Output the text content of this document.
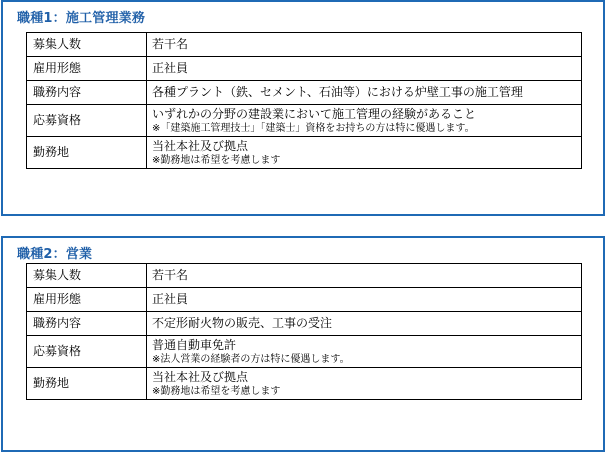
職種1：施工管理業務
募集人数	若干名

雇用形態	正社員

職務内容	各種プラント（鉄、セメント、石油等）における炉壁工事の施工管理

応募資格	いずれかの分野の建設業において施工管理の経験があること
※「建築施工管理技士」「建築士」資格をお持ちの方は特に優遇します。

勤務地	当社本社及び拠点
※勤務地は希望を考慮します
職種2：営業
募集人数	若干名

雇用形態	正社員

職務内容	不定形耐火物の販売、工事の受注

応募資格	普通自動車免許
※法人営業の経験者の方は特に優遇します。

勤務地	当社本社及び拠点
※勤務地は希望を考慮します
